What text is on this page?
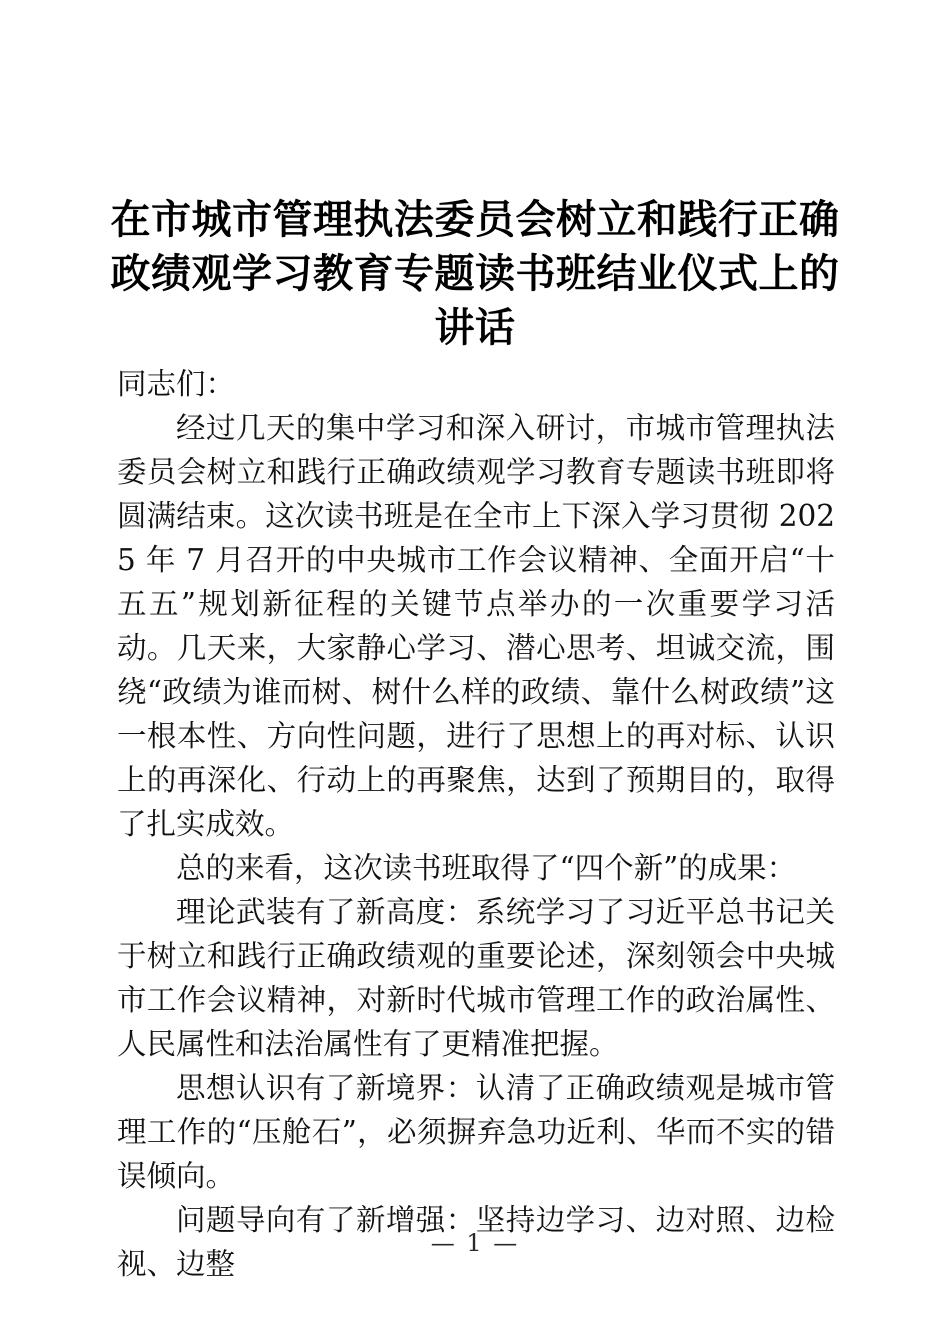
在市城市管理执法委员会树立和践行正确政绩观学习教育专题读书班结业仪式上的讲话

同志们：

经过几天的集中学习和深入研讨，市城市管理执法委员会树立和践行正确政绩观学习教育专题读书班即将圆满结束。这次读书班是在全市上下深入学习贯彻 2025 年 7 月召开的中央城市工作会议精神、全面开启“十五五”规划新征程的关键节点举办的一次重要学习活动。几天来，大家静心学习、潜心思考、坦诚交流，围绕“政绩为谁而树、树什么样的政绩、靠什么树政绩”这一根本性、方向性问题，进行了思想上的再对标、认识上的再深化、行动上的再聚焦，达到了预期目的，取得了扎实成效。

总的来看，这次读书班取得了“四个新”的成果：

理论武装有了新高度：系统学习了习近平总书记关于树立和践行正确政绩观的重要论述，深刻领会中央城市工作会议精神，对新时代城市管理工作的政治属性、人民属性和法治属性有了更精准把握。

思想认识有了新境界：认清了正确政绩观是城市管理工作的“压舱石”，必须摒弃急功近利、华而不实的错误倾向。

问题导向有了新增强：坚持边学习、边对照、边检视、边整

— 1 —
